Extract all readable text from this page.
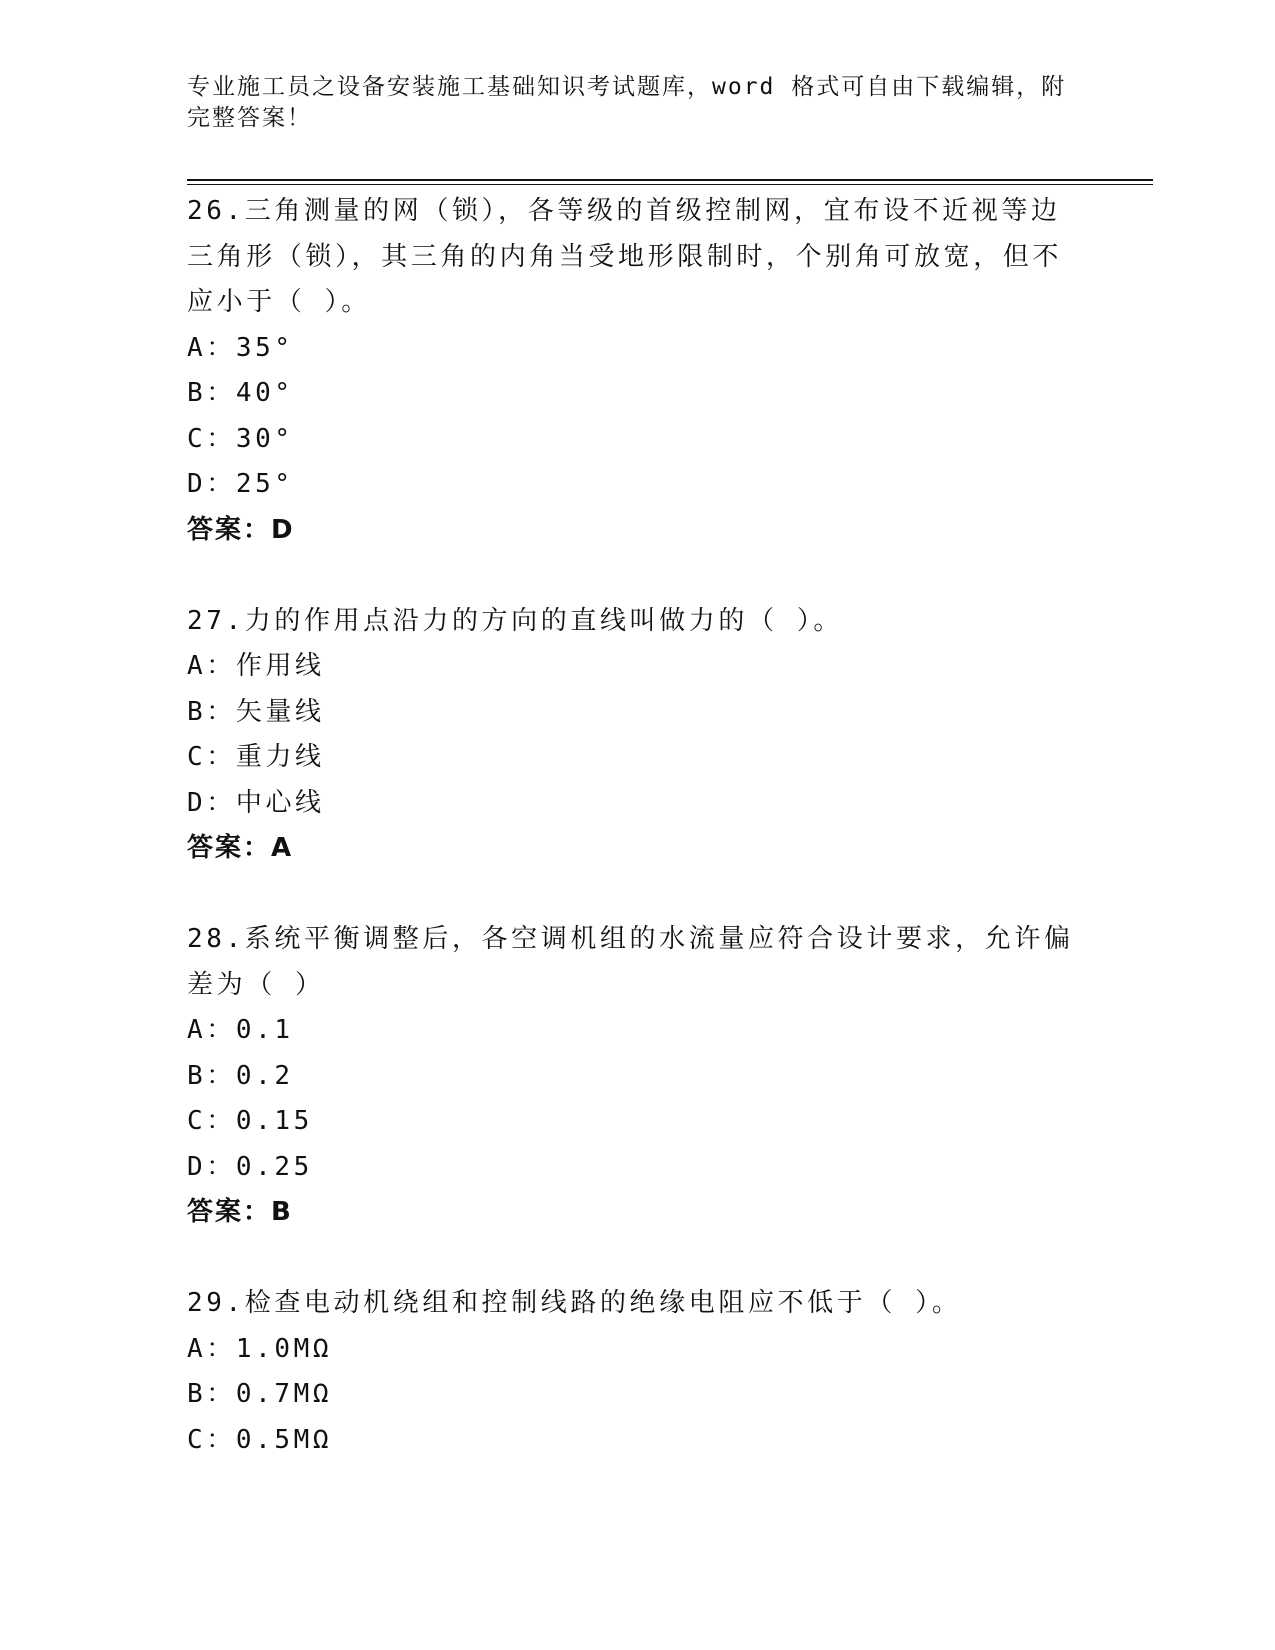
专业施工员之设备安装施工基础知识考试题库，word 格式可自由下载编辑，附完整答案！
26.三角测量的网（锁），各等级的首级控制网，宜布设不近视等边三角形（锁），其三角的内角当受地形限制时，个别角可放宽，但不应小于（ ）。
A：35°
B：40°
C：30°
D：25°
答案：D
27.力的作用点沿力的方向的直线叫做力的（ ）。
A：作用线
B：矢量线
C：重力线
D：中心线
答案：A
28.系统平衡调整后，各空调机组的水流量应符合设计要求，允许偏差为（ ）
A：0.1
B：0.2
C：0.15
D：0.25
答案：B
29.检查电动机绕组和控制线路的绝缘电阻应不低于（ ）。
A：1.0MΩ
B：0.7MΩ
C：0.5MΩ
